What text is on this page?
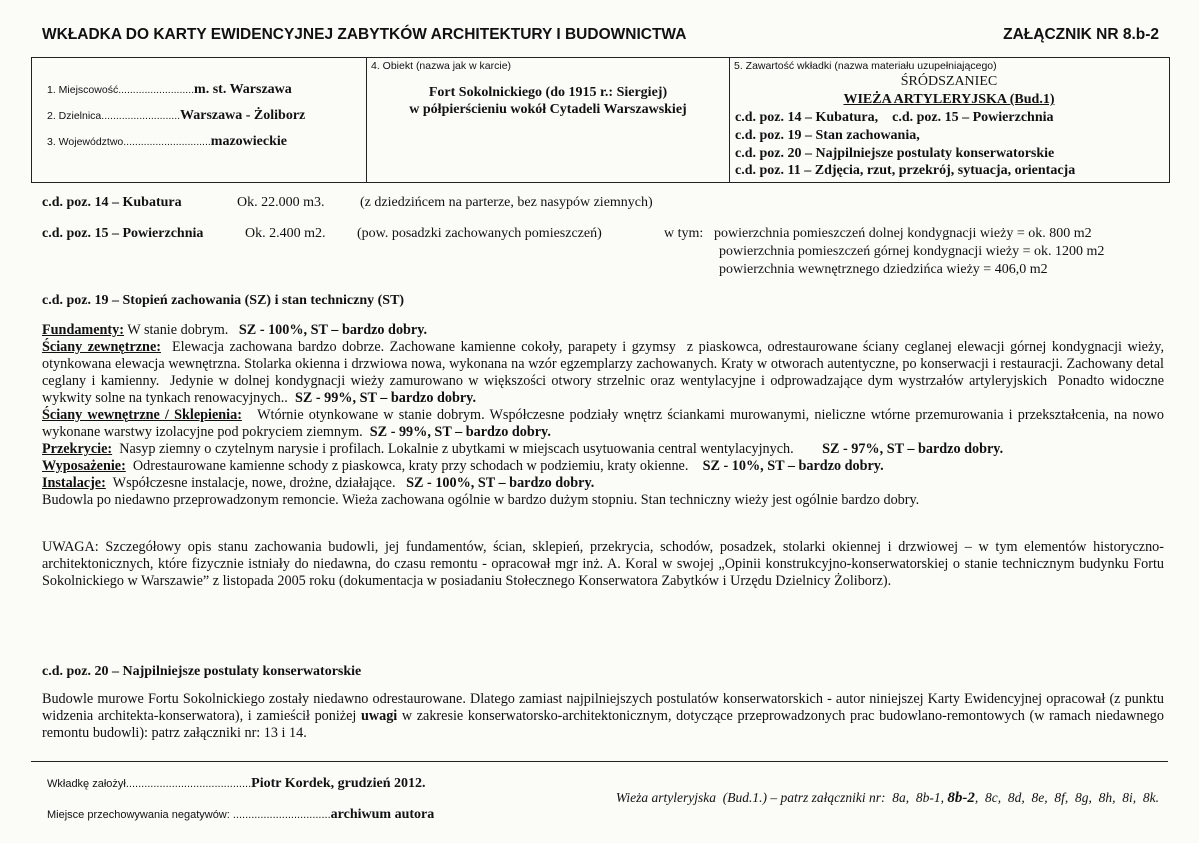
WKŁADKA DO KARTY EWIDENCYJNEJ ZABYTKÓW ARCHITEKTURY I BUDOWNICTWA	ZAŁĄCZNIK NR 8.b-2
1. Miejscowość..........................m. st. Warszawa
2. Dzielnica...........................Warszawa - Żoliborz
3. Województwo..............................mazowieckie
4. Obiekt (nazwa jak w karcie)
Fort Sokolnickiego (do 1915 r.: Siergiej)
w półpierścieniu wokół Cytadeli Warszawskiej
5. Zawartość wkładki (nazwa materiału uzupełniającego)
ŚRÓDSZANIEC
WIEŻA ARTYLERYJSKA (Bud.1)
c.d. poz. 14 – Kubatura,    c.d. poz. 15 – Powierzchnia
c.d. poz. 19 – Stan zachowania,
c.d. poz. 20 – Najpilniejsze postulaty konserwatorskie
c.d. poz. 11 – Zdjęcia, rzut, przekrój, sytuacja, orientacja
c.d. poz. 14 – Kubatura	Ok. 22.000 m3.	(z dziedzińcem na parterze, bez nasypów ziemnych)
c.d. poz. 15 – Powierzchnia	Ok. 2.400 m2. (pow. posadzki zachowanych pomieszczeń)	w tym: powierzchnia pomieszczeń dolnej kondygnacji wieży = ok. 800 m2
powierzchnia pomieszczeń górnej kondygnacji wieży = ok. 1200 m2
powierzchnia wewnętrznego dziedzińca wieży = 406,0 m2
c.d. poz. 19 – Stopień zachowania (SZ) i stan techniczny (ST)
Fundamenty: W stanie dobrym.   SZ - 100%, ST – bardzo dobry.
Ściany zewnętrzne:  Elewacja zachowana bardzo dobrze. Zachowane kamienne cokoły, parapety i gzymsy  z piaskowca, odrestaurowane ściany ceglanej elewacji górnej kondygnacji wieży, otynkowana elewacja wewnętrzna. Stolarka okienna i drzwiowa nowa, wykonana na wzór egzemplarzy zachowanych. Kraty w otworach autentyczne, po konserwacji i restauracji. Zachowany detal ceglany i kamienny.  Jedynie w dolnej kondygnacji wieży zamurowano w większości otwory strzelnic oraz wentylacyjne i odprowadzające dym wystrzałów artyleryjskich  Ponadto widoczne wykwity solne na tynkach renowacyjnych..  SZ - 99%, ST – bardzo dobry.
Ściany wewnętrzne / Sklepienia:   Wtórnie otynkowane w stanie dobrym. Współczesne podziały wnętrz ściankami murowanymi, nieliczne wtórne przemurowania i przekształcenia, na nowo wykonane warstwy izolacyjne pod pokryciem ziemnym.  SZ - 99%, ST – bardzo dobry.
Przekrycie:  Nasyp ziemny o czytelnym narysie i profilach. Lokalnie z ubytkami w miejscach usytuowania central wentylacyjnych.        SZ - 97%, ST – bardzo dobry.
Wyposażenie:  Odrestaurowane kamienne schody z piaskowca, kraty przy schodach w podziemiu, kraty okienne.    SZ - 10%, ST – bardzo dobry.
Instalacje:  Współczesne instalacje, nowe, drożne, działające.   SZ - 100%, ST – bardzo dobry.
Budowla po niedawno przeprowadzonym remoncie. Wieża zachowana ogólnie w bardzo dużym stopniu. Stan techniczny wieży jest ogólnie bardzo dobry.
UWAGA: Szczegółowy opis stanu zachowania budowli, jej fundamentów, ścian, sklepień, przekrycia, schodów, posadzek, stolarki okiennej i drzwiowej – w tym elementów historyczno-architektonicznych, które fizycznie istniały do niedawna, do czasu remontu - opracował mgr inż. A. Koral w swojej „Opinii konstrukcyjno-konserwatorskiej o stanie technicznym budynku Fortu Sokolnickiego w Warszawie” z listopada 2005 roku (dokumentacja w posiadaniu Stołecznego Konserwatora Zabytków i Urzędu Dzielnicy Żoliborz).
c.d. poz. 20 – Najpilniejsze postulaty konserwatorskie
Budowle murowe Fortu Sokolnickiego zostały niedawno odrestaurowane. Dlatego zamiast najpilniejszych postulatów konserwatorskich - autor niniejszej Karty Ewidencyjnej opracował (z punktu widzenia architekta-konserwatora), i zamieścił poniżej uwagi w zakresie konserwatorsko-architektonicznym, dotyczące przeprowadzonych prac budowlano-remontowych (w ramach niedawnego remontu budowli): patrz załączniki nr: 13 i 14.
Wkładkę założył.........................................Piotr Kordek, grudzień 2012.

Wieża artyleryjska  (Bud.1.) – patrz załączniki nr:  8a,  8b-1, 8b-2,  8c,  8d,  8e,  8f,  8g,  8h,  8i,  8k.

Miejsce przechowywania negatywów: ................................archiwum autora
